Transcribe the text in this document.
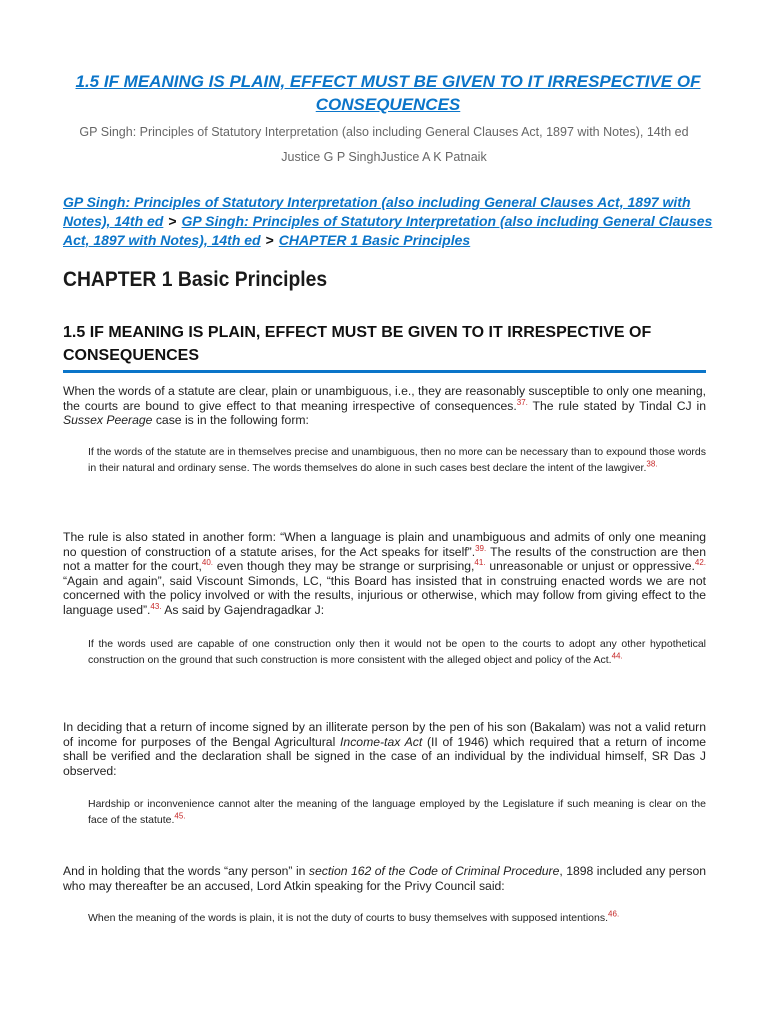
1.5 IF MEANING IS PLAIN, EFFECT MUST BE GIVEN TO IT IRRESPECTIVE OF CONSEQUENCES

GP Singh: Principles of Statutory Interpretation (also including General Clauses Act, 1897 with Notes), 14th ed

Justice G P SinghJustice A K Patnaik

GP Singh: Principles of Statutory Interpretation (also including General Clauses Act, 1897 with Notes), 14th ed > GP Singh: Principles of Statutory Interpretation (also including General Clauses Act, 1897 with Notes), 14th ed > CHAPTER 1 Basic Principles

CHAPTER 1 Basic Principles
1.5 IF MEANING IS PLAIN, EFFECT MUST BE GIVEN TO IT IRRESPECTIVE OF CONSEQUENCES

When the words of a statute are clear, plain or unambiguous, i.e., they are reasonably susceptible to only one meaning, the courts are bound to give effect to that meaning irrespective of consequences.$^{37.}$ The rule stated by Tindal CJ in Sussex Peerage case is in the following form:

If the words of the statute are in themselves precise and unambiguous, then no more can be necessary than to expound those words in their natural and ordinary sense. The words themselves do alone in such cases best declare the intent of the lawgiver.$^{38.}$

The rule is also stated in another form: “When a language is plain and unambiguous and admits of only one meaning no question of construction of a statute arises, for the Act speaks for itself”.$^{39.}$ The results of the construction are then not a matter for the court,$^{40.}$ even though they may be strange or surprising,$^{41.}$ unreasonable or unjust or oppressive.$^{42.}$ “Again and again”, said Viscount Simonds, LC, “this Board has insisted that in construing enacted words we are not concerned with the policy involved or with the results, injurious or otherwise, which may follow from giving effect to the language used”.$^{43.}$ As said by Gajendragadkar J:

If the words used are capable of one construction only then it would not be open to the courts to adopt any other hypothetical construction on the ground that such construction is more consistent with the alleged object and policy of the Act.$^{44.}$

In deciding that a return of income signed by an illiterate person by the pen of his son (Bakalam) was not a valid return of income for purposes of the Bengal Agricultural Income-tax Act (II of 1946) which required that a return of income shall be verified and the declaration shall be signed in the case of an individual by the individual himself, SR Das J observed:

Hardship or inconvenience cannot alter the meaning of the language employed by the Legislature if such meaning is clear on the face of the statute.$^{45.}$

And in holding that the words “any person” in section 162 of the Code of Criminal Procedure, 1898 included any person who may thereafter be an accused, Lord Atkin speaking for the Privy Council said:

When the meaning of the words is plain, it is not the duty of courts to busy themselves with supposed intentions.$^{46.}$
